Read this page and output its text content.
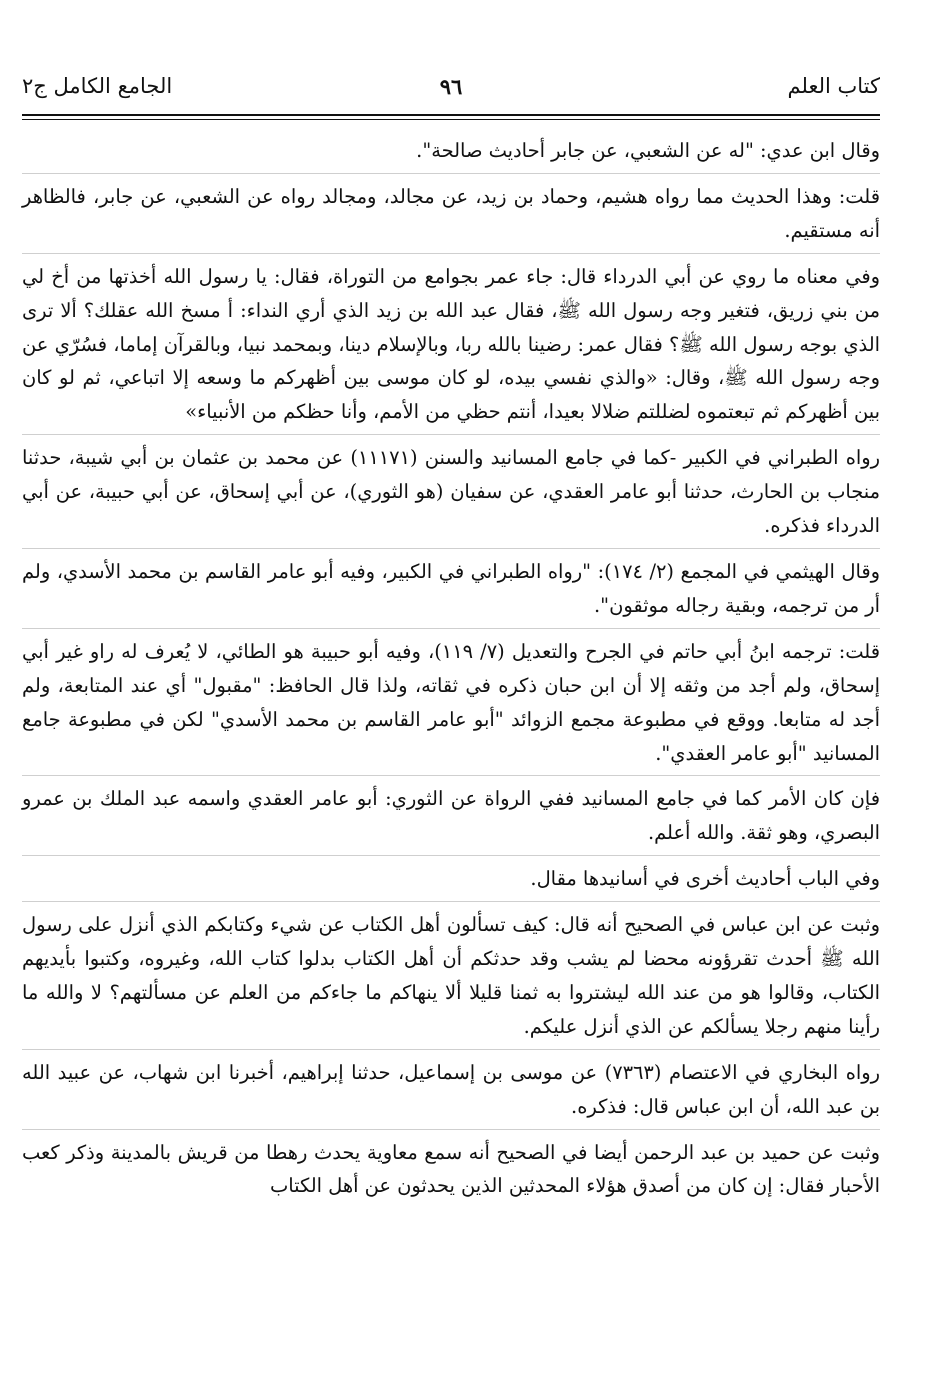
كتاب العلم
٩٦
الجامع الكامل ج٢

وقال ابن عدي: "له عن الشعبي، عن جابر أحاديث صالحة".

قلت: وهذا الحديث مما رواه هشيم، وحماد بن زيد، عن مجالد، ومجالد رواه عن الشعبي، عن جابر، فالظاهر أنه مستقيم.

وفي معناه ما روي عن أبي الدرداء قال: جاء عمر بجوامع من التوراة، فقال: يا رسول الله أخذتها من أخ لي من بني زريق، فتغير وجه رسول الله ﷺ، فقال عبد الله بن زيد الذي أري النداء: أ مسخ الله عقلك؟ ألا ترى الذي بوجه رسول الله ﷺ؟ فقال عمر: رضينا بالله ربا، وبالإسلام دينا، وبمحمد نبيا، وبالقرآن إماما، فسُرّي عن وجه رسول الله ﷺ، وقال: «والذي نفسي بيده، لو كان موسى بين أظهركم ما وسعه إلا اتباعي، ثم لو كان بين أظهركم ثم تبعتموه لضللتم ضلالا بعيدا، أنتم حظي من الأمم، وأنا حظكم من الأنبياء»

رواه الطبراني في الكبير -كما في جامع المسانيد والسنن (١١١٧١) عن محمد بن عثمان بن أبي شيبة، حدثنا منجاب بن الحارث، حدثنا أبو عامر العقدي، عن سفيان (هو الثوري)، عن أبي إسحاق، عن أبي حبيبة، عن أبي الدرداء فذكره.

وقال الهيثمي في المجمع (٢/ ١٧٤): "رواه الطبراني في الكبير، وفيه أبو عامر القاسم بن محمد الأسدي، ولم أر من ترجمه، وبقية رجاله موثقون".

قلت: ترجمه ابنُ أبي حاتم في الجرح والتعديل (٧/ ١١٩)، وفيه أبو حبيبة هو الطائي، لا يُعرف له راو غير أبي إسحاق، ولم أجد من وثقه إلا أن ابن حبان ذكره في ثقاته، ولذا قال الحافظ: "مقبول" أي عند المتابعة، ولم أجد له متابعا. ووقع في مطبوعة مجمع الزوائد "أبو عامر القاسم بن محمد الأسدي" لكن في مطبوعة جامع المسانيد "أبو عامر العقدي".

فإن كان الأمر كما في جامع المسانيد ففي الرواة عن الثوري: أبو عامر العقدي واسمه عبد الملك بن عمرو البصري، وهو ثقة. والله أعلم.

وفي الباب أحاديث أخرى في أسانيدها مقال.

وثبت عن ابن عباس في الصحيح أنه قال: كيف تسألون أهل الكتاب عن شيء وكتابكم الذي أنزل على رسول الله ﷺ أحدث تقرؤونه محضا لم يشب وقد حدثكم أن أهل الكتاب بدلوا كتاب الله، وغيروه، وكتبوا بأيديهم الكتاب، وقالوا هو من عند الله ليشتروا به ثمنا قليلا ألا ينهاكم ما جاءكم من العلم عن مسألتهم؟ لا والله ما رأينا منهم رجلا يسألكم عن الذي أنزل عليكم.

رواه البخاري في الاعتصام (٧٣٦٣) عن موسى بن إسماعيل، حدثنا إبراهيم، أخبرنا ابن شهاب، عن عبيد الله بن عبد الله، أن ابن عباس قال: فذكره.

وثبت عن حميد بن عبد الرحمن أيضا في الصحيح أنه سمع معاوية يحدث رهطا من قريش بالمدينة وذكر كعب الأحبار فقال: إن كان من أصدق هؤلاء المحدثين الذين يحدثون عن أهل الكتاب
